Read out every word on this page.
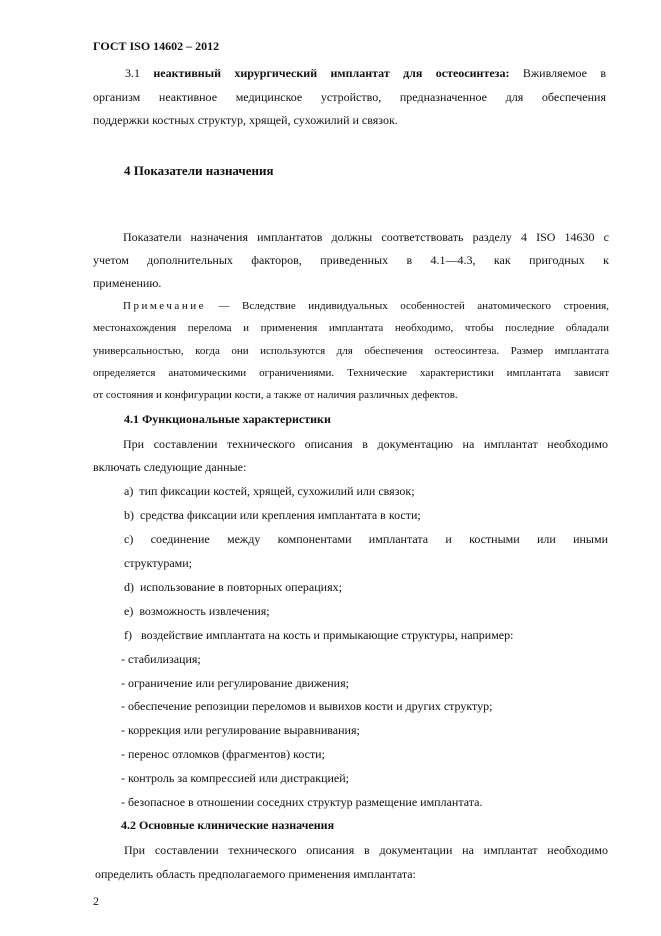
ГОСТ ISO 14602 – 2012
3.1 неактивный хирургический имплантат для остеосинтеза: Вживляемое в
организм неактивное медицинское устройство, предназначенное для обеспечения
поддержки костных структур, хрящей, сухожилий и связок.
4 Показатели назначения
Показатели назначения имплантатов должны соответствовать разделу 4 ISO 14630 с
учетом дополнительных факторов, приведенных в 4.1—4.3, как пригодных к
применению.
Примечание — Вследствие индивидуальных особенностей анатомического строения,
местонахождения перелома и применения имплантата необходимо, чтобы последние обладали
универсальностью, когда они используются для обеспечения остеосинтеза. Размер имплантата
определяется анатомическими ограничениями. Технические характеристики имплантата зависят
от состояния и конфигурации кости, а также от наличия различных дефектов.
4.1 Функциональные характеристики
При составлении технического описания в документацию на имплантат необходимо
включать следующие данные:
a) тип фиксации костей, хрящей, сухожилий или связок;
b) средства фиксации или крепления имплантата в кости;
c) соединение между компонентами имплантата и костными или иными
структурами;
d) использование в повторных операциях;
e) возможность извлечения;
f) воздействие имплантата на кость и примыкающие структуры, например:
- стабилизация;
- ограничение или регулирование движения;
- обеспечение репозиции переломов и вывихов кости и других структур;
- коррекция или регулирование выравнивания;
- перенос отломков (фрагментов) кости;
- контроль за компрессией или дистракцией;
- безопасное в отношении соседних структур размещение имплантата.
4.2 Основные клинические назначения
При составлении технического описания в документации на имплантат необходимо
определить область предполагаемого применения имплантата:
2
